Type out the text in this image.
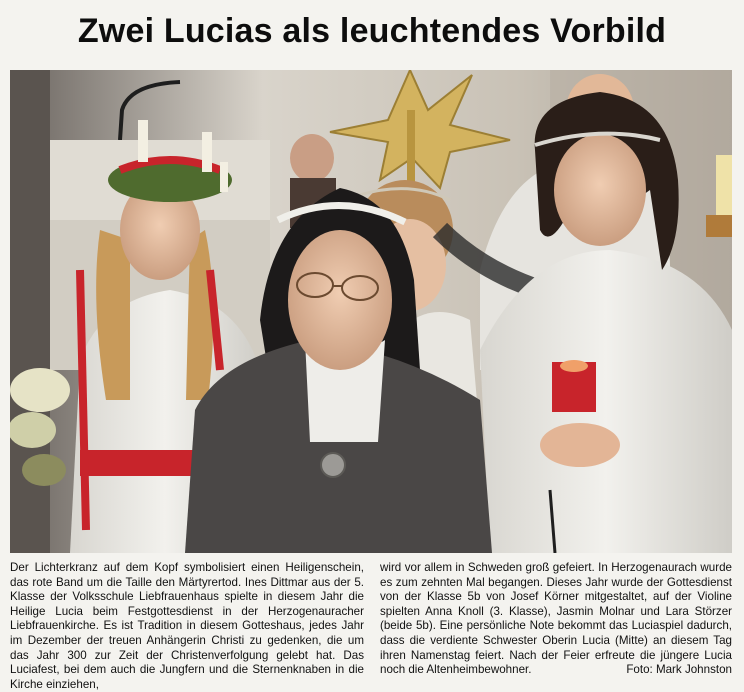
Zwei Lucias als leuchtendes Vorbild
Der Lichterkranz auf dem Kopf symbolisiert einen Heiligenschein, das rote Band um die Taille den Märtyrertod. Ines Dittmar aus der 5. Klasse der Volksschule Liebfrauenhaus spielte in diesem Jahr die Heilige Lucia beim Festgottesdienst in der Herzogenauracher Liebfrauenkirche. Es ist Tradition in diesem Gotteshaus, jedes Jahr im Dezember der treuen Anhängerin Christi zu gedenken, die um das Jahr 300 zur Zeit der Christenverfolgung gelebt hat. Das Luciafest, bei dem auch die Jungfern und die Sternenknaben in die Kirche einziehen,
wird vor allem in Schweden groß gefeiert. In Herzogenaurach wurde es zum zehnten Mal begangen. Dieses Jahr wurde der Gottesdienst von der Klasse 5b von Josef Körner mitgestaltet, auf der Violine spielten Anna Knoll (3. Klasse), Jasmin Molnar und Lara Störzer (beide 5b). Eine persönliche Note bekommt das Luciaspiel dadurch, dass die verdiente Schwester Oberin Lucia (Mitte) an diesem Tag ihren Namenstag feiert. Nach der Feier erfreute die jüngere Lucia noch die Altenheimbewohner.	Foto: Mark Johnston
